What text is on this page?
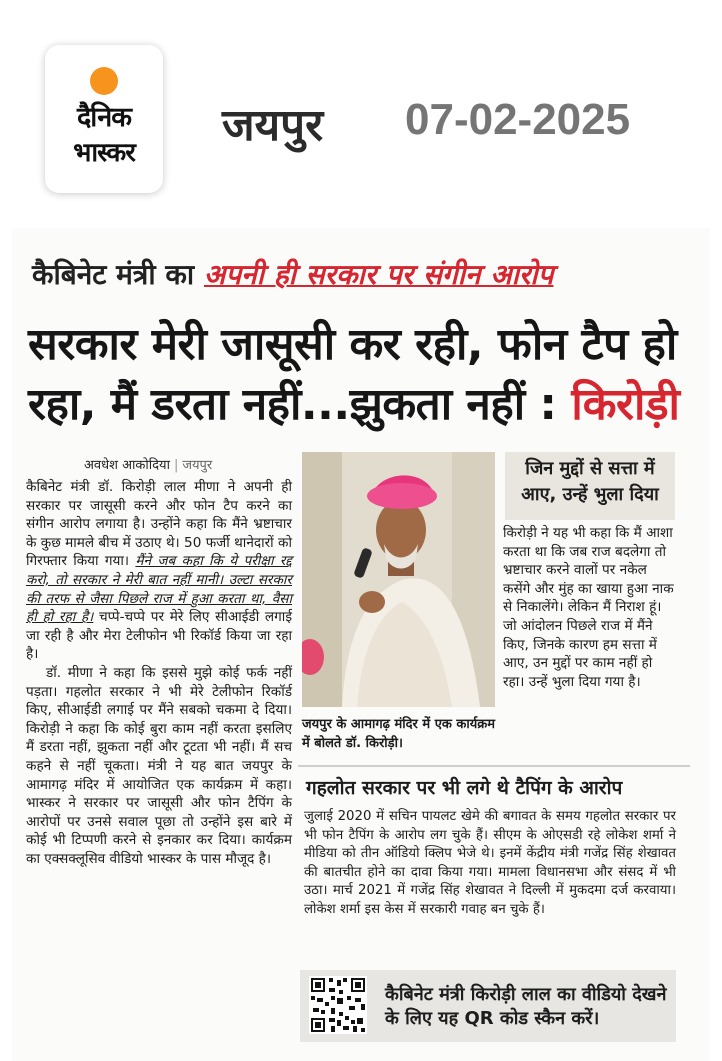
दैनिक
भास्कर
जयपुर 07-02-2025
कैबिनेट मंत्री का अपनी ही सरकार पर संगीन आरोप
सरकार मेरी जासूसी कर रही, फोन टैप हो रहा, मैं डरता नहीं...झुकता नहीं : किरोड़ी
अवधेश आकोदिया | जयपुर

कैबिनेट मंत्री डॉ. किरोड़ी लाल मीणा ने अपनी ही सरकार पर जासूसी करने और फोन टैप करने का संगीन आरोप लगाया है। उन्होंने कहा कि मैंने भ्रष्टाचार के कुछ मामले बीच में उठाए थे। 50 फर्जी थानेदारों को गिरफ्तार किया गया। मैंने जब कहा कि ये परीक्षा रद्द करो, तो सरकार ने मेरी बात नहीं मानी। उल्टा सरकार की तरफ से जैसा पिछले राज में हुआ करता था, वैसा ही हो रहा है। चप्पे-चप्पे पर मेरे लिए सीआईडी लगाई जा रही है और मेरा टेलीफोन भी रिकॉर्ड किया जा रहा है।

डॉ. मीणा ने कहा कि इससे मुझे कोई फर्क नहीं पड़ता। गहलोत सरकार ने भी मेरे टेलीफोन रिकॉर्ड किए, सीआईडी लगाई पर मैंने सबको चकमा दे दिया। किरोड़ी ने कहा कि कोई बुरा काम नहीं करता इसलिए मैं डरता नहीं, झुकता नहीं और टूटता भी नहीं। मैं सच कहने से नहीं चूकता। मंत्री ने यह बात जयपुर के आमागढ़ मंदिर में आयोजित एक कार्यक्रम में कहा। भास्कर ने सरकार पर जासूसी और फोन टैपिंग के आरोपों पर उनसे सवाल पूछा तो उन्होंने इस बारे में कोई भी टिप्पणी करने से इनकार कर दिया। कार्यक्रम का एक्सक्लूसिव वीडियो भास्कर के पास मौजूद है।

जयपुर के आमागढ़ मंदिर में एक कार्यक्रम में बोलते डॉ. किरोड़ी।
जिन मुद्दों से सत्ता में आए, उन्हें भुला दिया
किरोड़ी ने यह भी कहा कि मैं आशा करता था कि जब राज बदलेगा तो भ्रष्टाचार करने वालों पर नकेल कसेंगे और मुंह का खाया हुआ नाक से निकालेंगे। लेकिन मैं निराश हूं। जो आंदोलन पिछले राज में मैंने किए, जिनके कारण हम सत्ता में आए, उन मुद्दों पर काम नहीं हो रहा। उन्हें भुला दिया गया है।
गहलोत सरकार पर भी लगे थे टैपिंग के आरोप
जुलाई 2020 में सचिन पायलट खेमे की बगावत के समय गहलोत सरकार पर भी फोन टैपिंग के आरोप लग चुके हैं। सीएम के ओएसडी रहे लोकेश शर्मा ने मीडिया को तीन ऑडियो क्लिप भेजे थे। इनमें केंद्रीय मंत्री गजेंद्र सिंह शेखावत की बातचीत होने का दावा किया गया। मामला विधानसभा और संसद में भी उठा। मार्च 2021 में गजेंद्र सिंह शेखावत ने दिल्ली में मुकदमा दर्ज करवाया। लोकेश शर्मा इस केस में सरकारी गवाह बन चुके हैं।
कैबिनेट मंत्री किरोड़ी लाल का वीडियो देखने के लिए यह QR कोड स्कैन करें।
